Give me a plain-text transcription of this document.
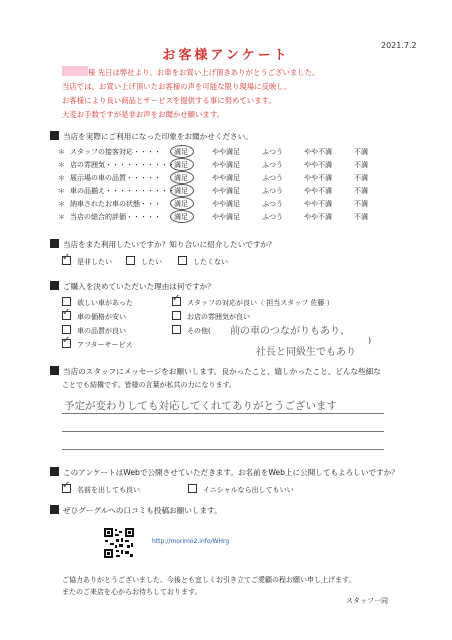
2021.7.2
お客様アンケート
様 先日は弊社より、お車をお買い上げ頂きありがとうございました。
当店では、お買い上げ頂いたお客様の声を可能な限り現場に反映し、
お客様により良い商品とサービスを提供する事に努めています。
大変お手数ですが是非お声をお聞かせ願います。
当店を実際にご利用になった印象をお聞かせください。
＊ スタッフの接客対応・・・・ 満足	やや満足	ふつう	やや不満	不満
＊ 店の雰囲気・・・・・・・・・・ 満足	やや満足	ふつう	やや不満	不満
＊ 展示場の車の品質・・・・・ 満足	やや満足	ふつう	やや不満	不満
＊ 車の品揃え・・・・・・・・・・ 満足	やや満足	ふつう	やや不満	不満
＊ 納車されたお車の状態・・・ 満足	やや満足	ふつう	やや不満	不満
＊ 当店の総合的評価・・・・・ 満足	やや満足	ふつう	やや不満	不満
当店をまた利用したいですか？知り合いに紹介したいですか？
✓是非したい	したい	したくない
ご購入を決めていただいた理由は何ですか？
欲しい車があった
✓車の価格が安い
車の品質が良い
✓アフターサービス
✓スタッフの対応が良い（ 担当スタッフ 佐藤 ）
お店の雰囲気が良い
その他( 前の車のつながりもあり、
社長と同級生でもあり
)
当店のスタッフにメッセージをお願いします。良かったこと、嬉しかったこと、どんな些細な
ことでも結構です。皆様の言葉が私共の力になります。
予定が変わりしても対応してくれてありがとうございます
このアンケートはWebで公開させていただきます。お名前をWeb上に公開してもよろしいですか？
✓名前を出しても良い	イニシャルなら出してもいい
ぜひグーグルへの口コミも投稿お願いします。
http://morimo2.info/WHrg
ご協力ありがとうございました。今後とも宜しくお引き立てご愛顧の程お願い申し上げます。
またのご来店を心からお待ちしております。
スタッフ一同
